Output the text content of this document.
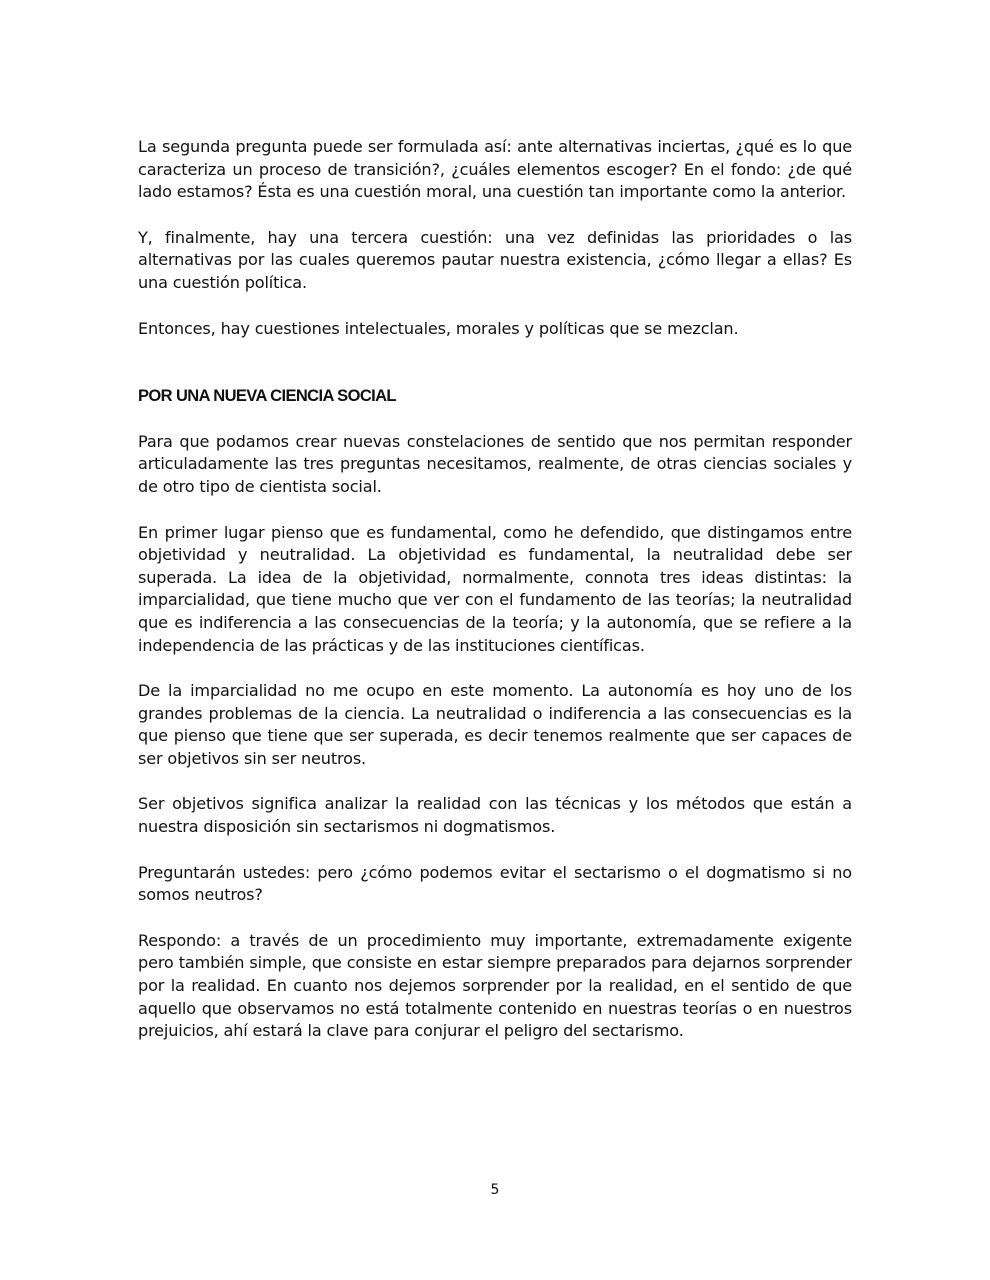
La segunda pregunta puede ser formulada así: ante alternativas inciertas, ¿qué es lo que caracteriza un proceso de transición?, ¿cuáles elementos escoger? En el fondo: ¿de qué lado estamos? Ésta es una cuestión moral, una cuestión tan importante como la anterior.

Y, finalmente, hay una tercera cuestión: una vez definidas las prioridades o las alternativas por las cuales queremos pautar nuestra existencia, ¿cómo llegar a ellas? Es una cuestión política.

Entonces, hay cuestiones intelectuales, morales y políticas que se mezclan.

POR UNA NUEVA CIENCIA SOCIAL

Para que podamos crear nuevas constelaciones de sentido que nos permitan responder articuladamente las tres preguntas necesitamos, realmente, de otras ciencias sociales y de otro tipo de cientista social.

En primer lugar pienso que es fundamental, como he defendido, que distingamos entre objetividad y neutralidad. La objetividad es fundamental, la neutralidad debe ser superada. La idea de la objetividad, normalmente, connota tres ideas distintas: la imparcialidad, que tiene mucho que ver con el fundamento de las teorías; la neutralidad que es indiferencia a las consecuencias de la teoría; y la autonomía, que se refiere a la independencia de las prácticas y de las instituciones científicas.

De la imparcialidad no me ocupo en este momento. La autonomía es hoy uno de los grandes problemas de la ciencia. La neutralidad o indiferencia a las consecuencias es la que pienso que tiene que ser superada, es decir tenemos realmente que ser capaces de ser objetivos sin ser neutros.

Ser objetivos significa analizar la realidad con las técnicas y los métodos que están a nuestra disposición sin sectarismos ni dogmatismos.

Preguntarán ustedes: pero ¿cómo podemos evitar el sectarismo o el dogmatismo si no somos neutros?

Respondo: a través de un procedimiento muy importante, extremadamente exigente pero también simple, que consiste en estar siempre preparados para dejarnos sorprender por la realidad. En cuanto nos dejemos sorprender por la realidad, en el sentido de que aquello que observamos no está totalmente contenido en nuestras teorías o en nuestros prejuicios, ahí estará la clave para conjurar el peligro del sectarismo.

5
